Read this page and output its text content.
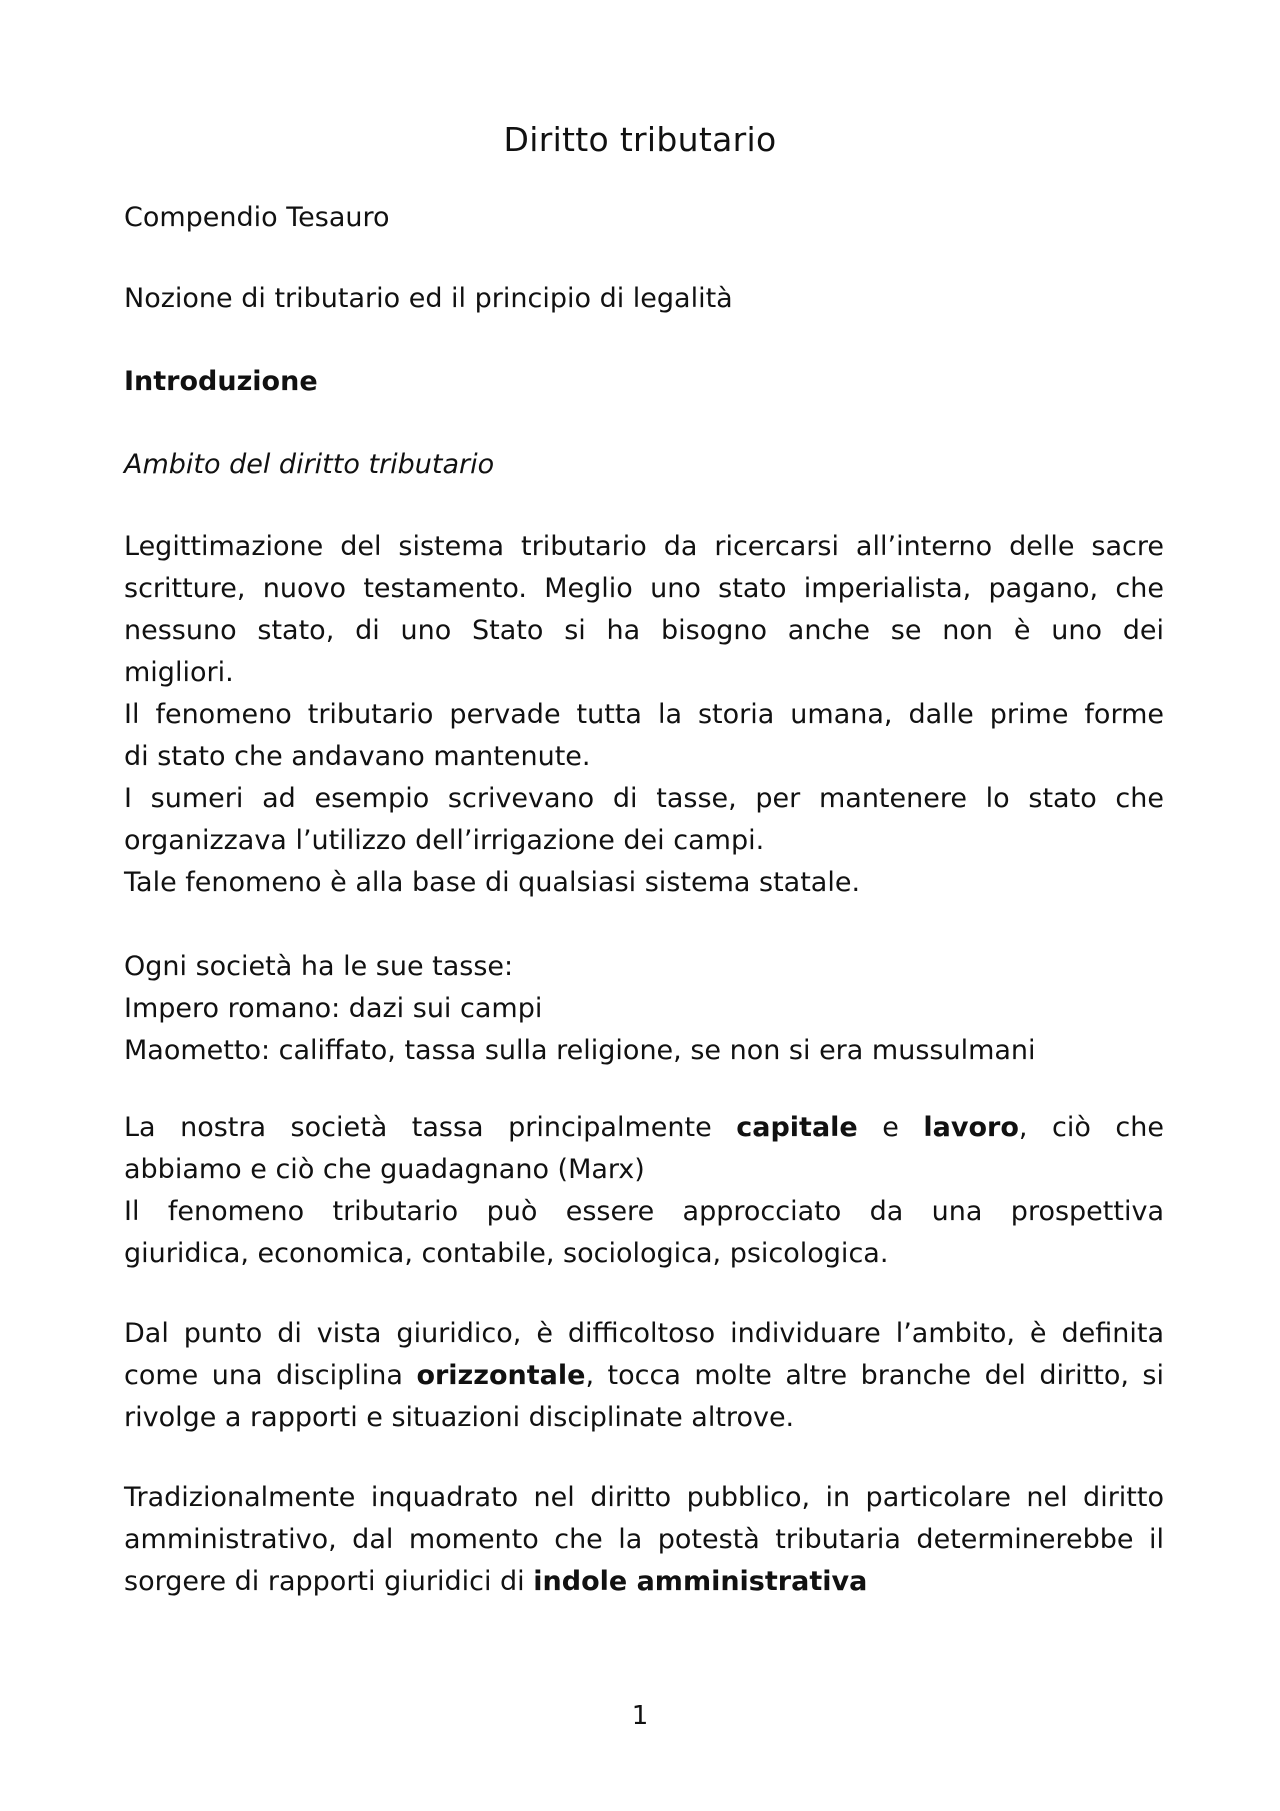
Diritto tributario
Compendio Tesauro
Nozione di tributario ed il principio di legalità
Introduzione
Ambito del diritto tributario
Legittimazione del sistema tributario da ricercarsi all’interno delle sacre
scritture, nuovo testamento. Meglio uno stato imperialista, pagano, che
nessuno stato, di uno Stato si ha bisogno anche se non è uno dei
migliori.
Il fenomeno tributario pervade tutta la storia umana, dalle prime forme
di stato che andavano mantenute.
I sumeri ad esempio scrivevano di tasse, per mantenere lo stato che
organizzava l’utilizzo dell’irrigazione dei campi.
Tale fenomeno è alla base di qualsiasi sistema statale.
Ogni società ha le sue tasse:
Impero romano: dazi sui campi
Maometto: califfato, tassa sulla religione, se non si era mussulmani
La nostra società tassa principalmente capitale e lavoro, ciò che
abbiamo e ciò che guadagnano (Marx)
Il fenomeno tributario può essere approcciato da una prospettiva
giuridica, economica, contabile, sociologica, psicologica.
Dal punto di vista giuridico, è difficoltoso individuare l’ambito, è definita
come una disciplina orizzontale, tocca molte altre branche del diritto, si
rivolge a rapporti e situazioni disciplinate altrove.
Tradizionalmente inquadrato nel diritto pubblico, in particolare nel diritto
amministrativo, dal momento che la potestà tributaria determinerebbe il
sorgere di rapporti giuridici di indole amministrativa
1
